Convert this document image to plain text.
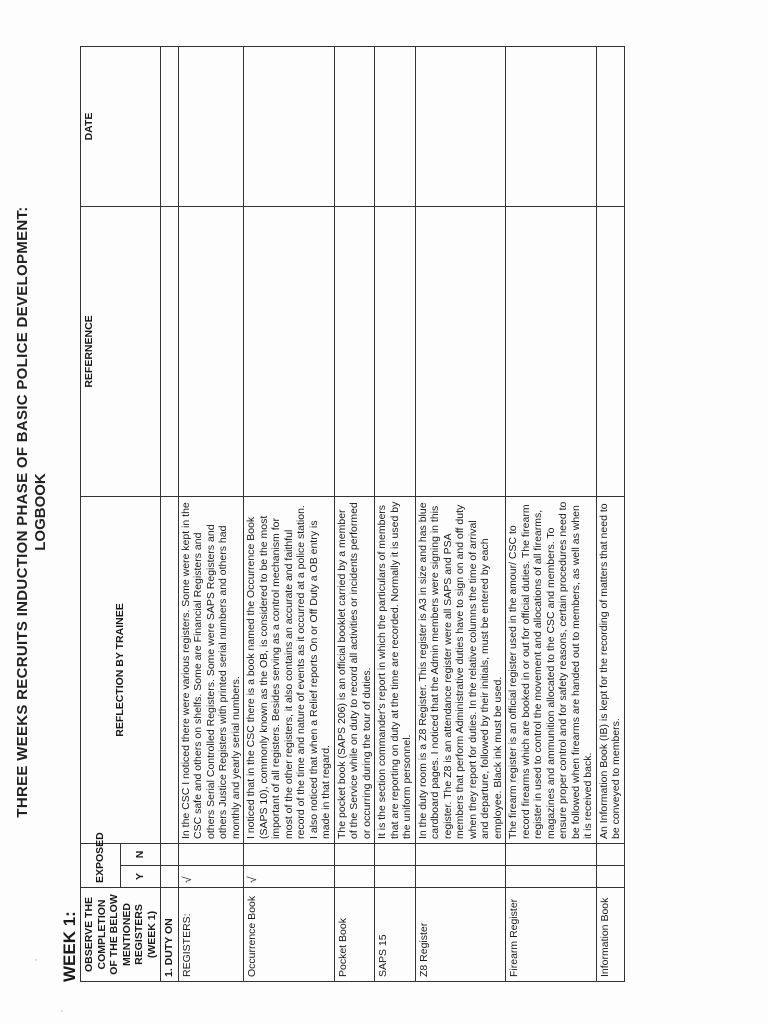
·
·
THREE WEEKS RECRUITS INDUCTION PHASE OF BASIC POLICE DEVELOPMENT: LOGBOOK
WEEK 1: OBSERVE THE COMPLETION OF THE BELOW MENTIONED REGISTERS (WEEK 1)	EXPOSED		REFLECTION BY TRAINEE	REFERNENCE	DATE
	Y	N			
1. DUTY ON					
REGISTERS:	√		In the CSC I noticed there were various registers. Some were kept in the CSC safe and others on shelfs. Some are Financial Registers and others Serial Controlled Registers. Some were SAPS Registers and others Justice Registers with printed serial numbers and others had monthly and yearly serial numbers.		
Occurrence Book	√		I noticed that in the CSC there is a book named the Occurrence Book (SAPS 10), commonly known as the OB, is considered to be the most important of all registers. Besides serving as a control mechanism for most of the other registers, it also contains an accurate and faithful record of the time and nature of events as it occurred at a police station. I also noticed that when a Relief reports On or Off Duty a OB entry is made in that regard.		
Pocket Book			The pocket book (SAPS 206) is an official booklet carried by a member of the Service while on duty to record all activities or incidents performed or occurring during the tour of duties.		
SAPS 15			It is the section commander's report in which the particulars of members that are reporting on duty at the time are recorded. Normally it is used by the uniform personnel.		
Z8 Register			In the duty room is a Z8 Register. This register is A3 in size and has blue cardboard pages. I noticed that the Admin members were signing in this register. The Z8 is an attendance register were all SAPS and PSA members that perform Administrative duties have to sign on and off duty when they report for duties. In the relative columns the time of arrival and departure, followed by their initials, must be entered by each employee. Black ink must be used.		
Firearm Register			The firearm register is an official register used in the amour/ CSC to record firearms which are booked in or out for official duties. The firearm register in used to control the movement and allocations of all firearms, magazines and ammunition allocated to the CSC and members. To ensure proper control and for safety reasons, certain procedures need to be followed when firearms are handed out to members, as well as when it is received back.		
Information Book			An Information Book (IB) is kept for the recording of matters that need to be conveyed to members.		
